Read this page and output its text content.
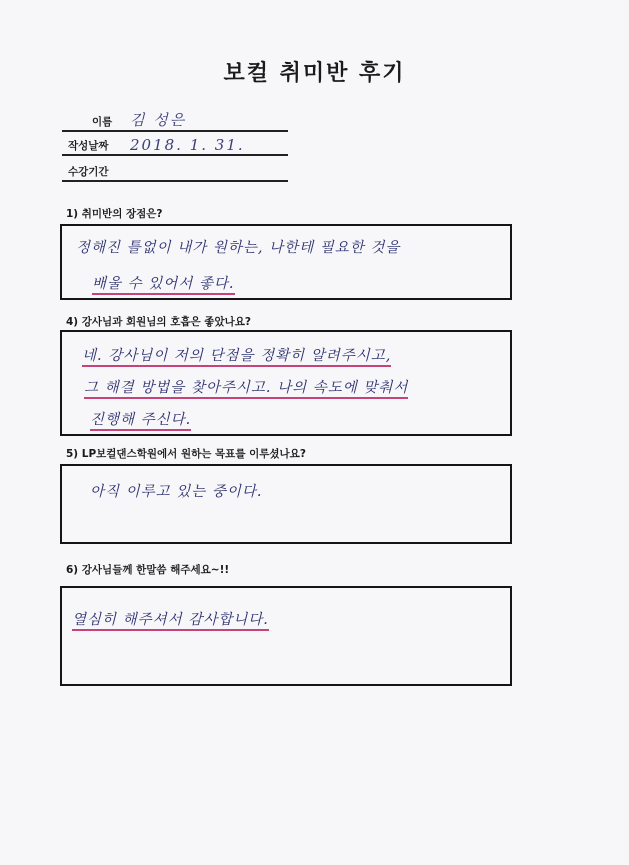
보컬 취미반 후기
이름 김 성은
작성날짜 2018. 1. 31.
수강기간
1) 취미반의 장점은?
정해진 틀없이 내가 원하는, 나한테 필요한 것을
배울 수 있어서 좋다.
4) 강사님과 회원님의 호흡은 좋았나요?
네. 강사님이 저의 단점을 정확히 알려주시고,
그 해결 방법을 찾아주시고. 나의 속도에 맞춰서
진행해 주신다.
5) LP보컬댄스학원에서 원하는 목표를 이루셨나요?
아직 이루고 있는 중이다.
6) 강사님들께 한말씀 해주세요~!!
열심히 해주셔서 감사합니다.
